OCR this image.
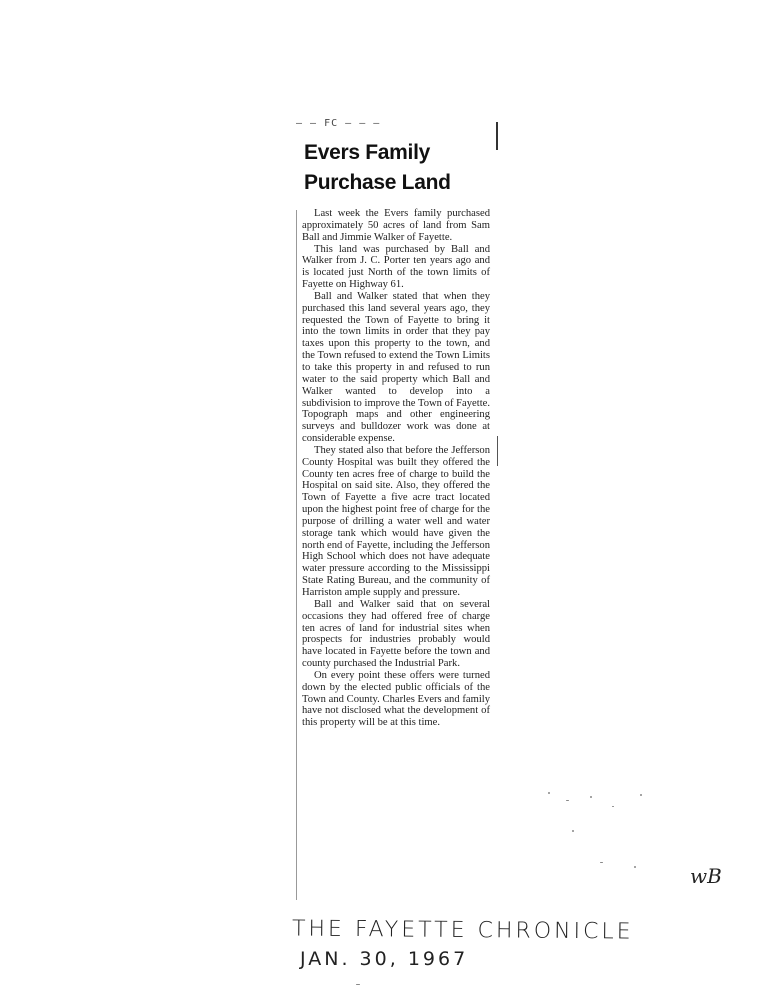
— — FC — — —
Evers Family
Purchase Land

Last week the Evers family purchased approximately 50 acres of land from Sam Ball and Jimmie Walker of Fayette.

This land was purchased by Ball and Walker from J. C. Porter ten years ago and is located just North of the town limits of Fayette on Highway 61.

Ball and Walker stated that when they purchased this land several years ago, they requested the Town of Fayette to bring it into the town limits in order that they pay taxes upon this property to the town, and the Town refused to extend the Town Limits to take this property in and refused to run water to the said property which Ball and Walker wanted to develop into a subdivision to improve the Town of Fayette. Topograph maps and other engineering surveys and bulldozer work was done at considerable expense.

They stated also that before the Jefferson County Hospital was built they offered the County ten acres free of charge to build the Hospital on said site. Also, they offered the Town of Fayette a five acre tract located upon the highest point free of charge for the purpose of drilling a water well and water storage tank which would have given the north end of Fayette, including the Jefferson High School which does not have adequate water pressure according to the Mississippi State Rating Bureau, and the community of Harriston ample supply and pressure.

Ball and Walker said that on several occasions they had offered free of charge ten acres of land for industrial sites when prospects for industries probably would have located in Fayette before the town and county purchased the Industrial Park.

On every point these offers were turned down by the elected public officials of the Town and County. Charles Evers and family have not disclosed what the development of this property will be at this time.

THE FAYETTE CHRONICLE
JAN. 30, 1967
wB
